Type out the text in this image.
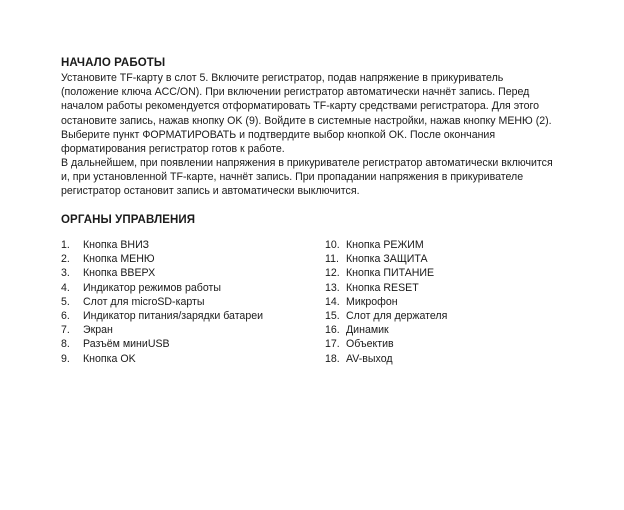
НАЧАЛО РАБОТЫ

Установите TF-карту в слот 5. Включите регистратор, подав напряжение в прикуриватель (положение ключа ACC/ON). При включении регистратор автоматически начнёт запись. Перед началом работы рекомендуется отформатировать TF-карту средствами регистратора. Для этого остановите запись, нажав кнопку OK (9). Войдите в системные настройки, нажав кнопку МЕНЮ (2). Выберите пункт ФОРМАТИРОВАТЬ и подтвердите выбор кнопкой OK. После окончания форматирования регистратор готов к работе.

В дальнейшем, при появлении напряжения в прикуривателе регистратор автоматически включится и, при установленной TF-карте, начнёт запись. При пропадании напряжения в прикуривателе регистратор остановит запись и автоматически выключится.

ОРГАНЫ УПРАВЛЕНИЯ
1. Кнопка ВНИЗ
2. Кнопка МЕНЮ
3. Кнопка ВВЕРХ
4. Индикатор режимов работы
5. Слот для microSD-карты
6. Индикатор питания/зарядки батареи
7. Экран
8. Разъём миниUSB
9. Кнопка OK
10. Кнопка РЕЖИМ
11. Кнопка ЗАЩИТА
12. Кнопка ПИТАНИЕ
13. Кнопка RESET
14. Микрофон
15. Слот для держателя
16. Динамик
17. Объектив
18. AV-выход
